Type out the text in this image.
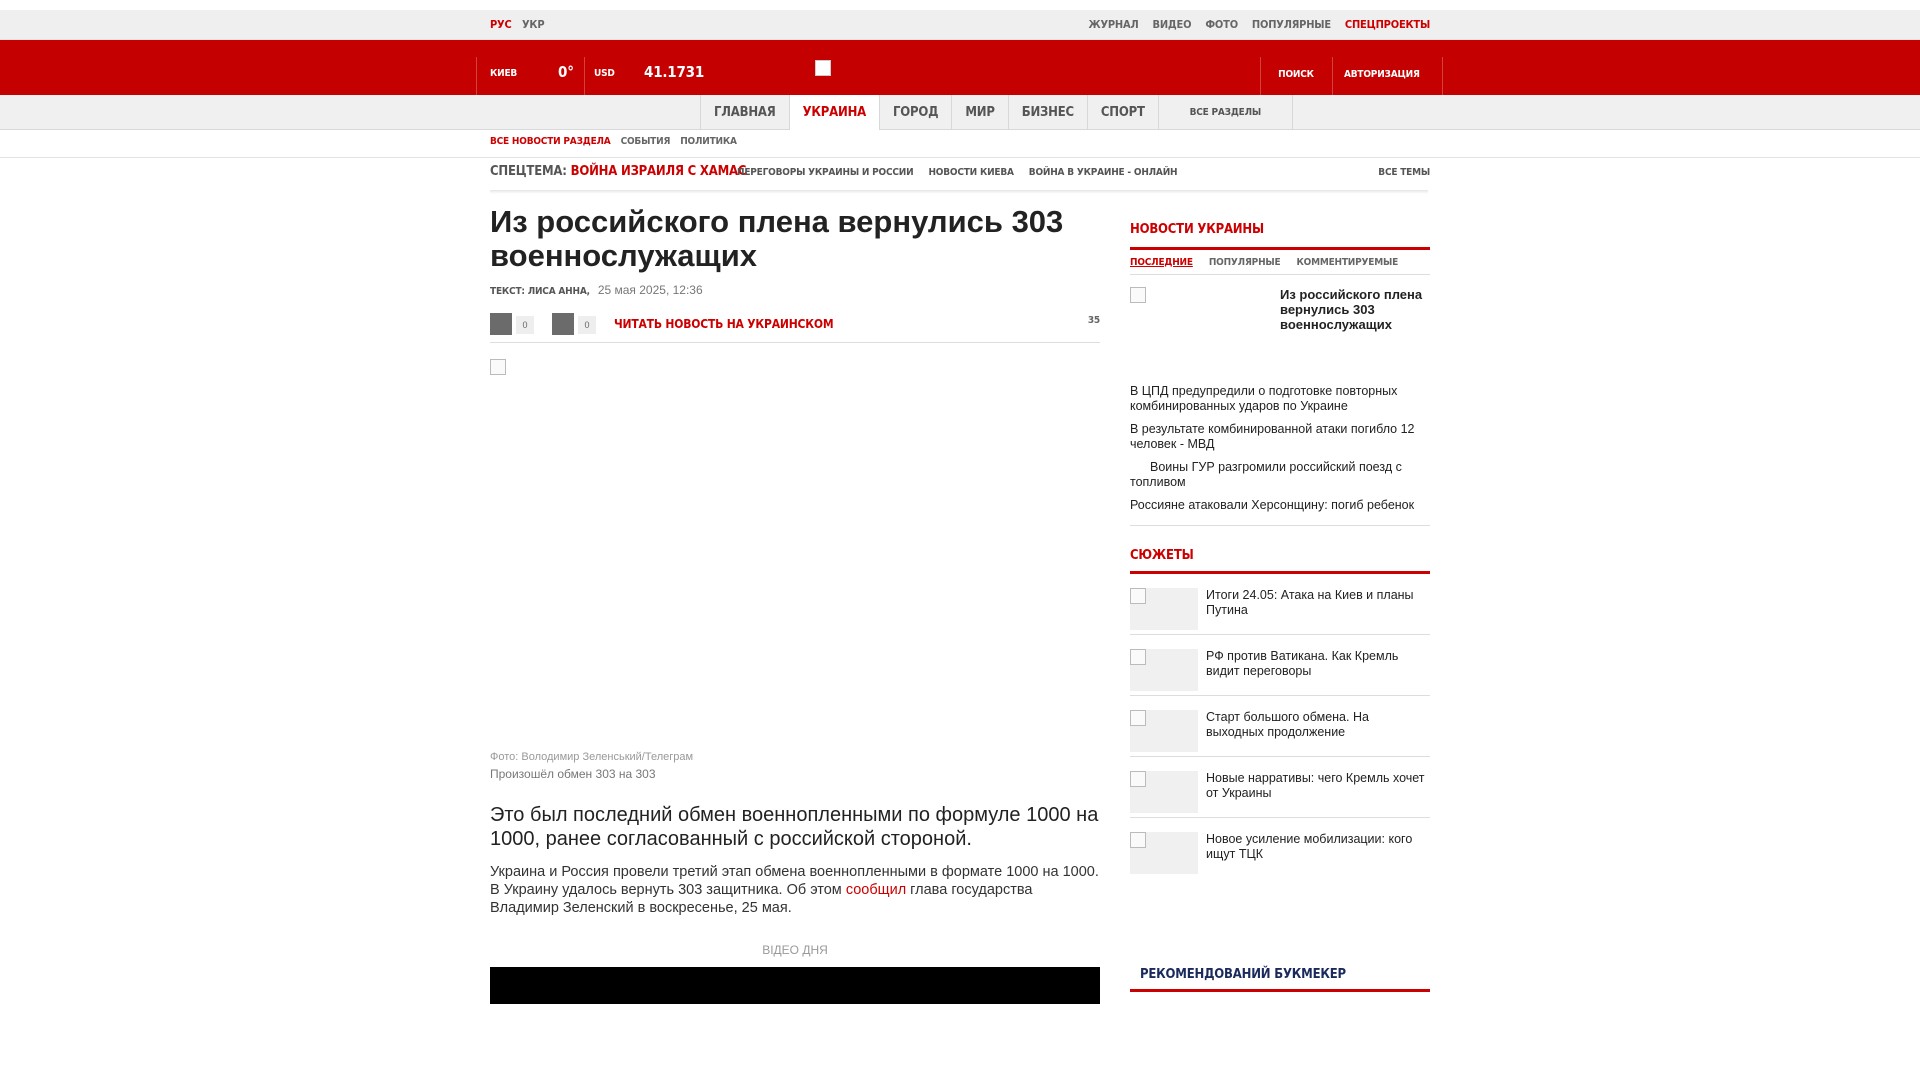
РУС УКР	ЖУРНАЛ ВИДЕО ФОТО ПОПУЛЯРНЫЕ СПЕЦПРОЕКТЫ
КИЕВ	0° USD 41.1731	ПОИСК	АВТОРИЗАЦИЯ
ГЛАВНАЯ	УКРАИНА	ГОРОД	МИР	БИЗНЕС	СПОРТ	ВСЕ РАЗДЕЛЫ
ВСЕ НОВОСТИ РАЗДЕЛА СОБЫТИЯ ПОЛИТИКА
СПЕЦТЕМА: ВОЙНА ИЗРАИЛЯ С ХАМАС
ПЕРЕГОВОРЫ УКРАИНЫ И РОССИИ НОВОСТИ КИЕВА ВОЙНА В УКРАИНЕ - ОНЛАЙН	ВСЕ ТЕМЫ
Из российского плена вернулись 303 военнослужащих
ТЕКСТ: ЛИСА АННА, 25 мая 2025, 12:36
0	0	ЧИТАТЬ НОВОСТЬ НА УКРАИНСКОМ	35
Фото: Володимир Зеленський/Телеграм
Произошёл обмен 303 на 303

Это был последний обмен военнопленными по формуле 1000 на 1000, ранее согласованный с российской стороной.

Украина и Россия провели третий этап обмена военнопленными в формате 1000 на 1000. В Украину удалось вернуть 303 защитника. Об этом сообщил глава государства Владимир Зеленский в воскресенье, 25 мая.

ВІДЕО ДНЯ
НОВОСТИ УКРАИНЫ
ПОСЛЕДНИЕ ПОПУЛЯРНЫЕ КОММЕНТИРУЕМЫЕ
Из российского плена вернулись 303 военнослужащих
В ЦПД предупредили о подготовке повторных комбинированных ударов по Украине
В результате комбинированной атаки погибло 12 человек - МВД
Воины ГУР разгромили российский поезд с топливом
Россияне атаковали Херсонщину: погиб ребенок
СЮЖЕТЫ
Итоги 24.05: Атака на Киев и планы Путина
РФ против Ватикана. Как Кремль видит переговоры
Старт большого обмена. На выходных продолжение
Новые нарративы: чего Кремль хочет от Украины
Новое усиление мобилизации: кого ищут ТЦК
РЕКОМЕНДОВАНИЙ БУКМЕКЕР
